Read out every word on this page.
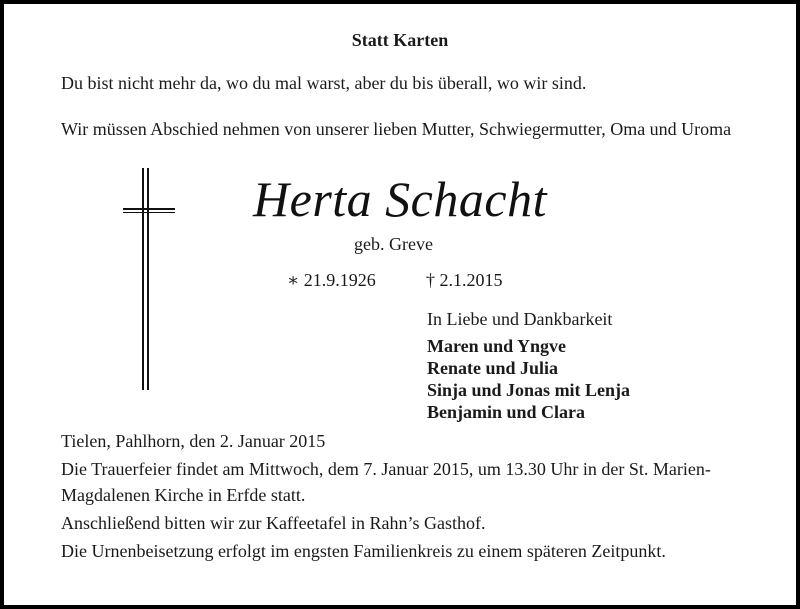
Statt Karten
Du bist nicht mehr da, wo du mal warst, aber du bis überall, wo wir sind.
Wir müssen Abschied nehmen von unserer lieben Mutter, Schwiegermutter, Oma und Uroma
Herta Schacht
geb. Greve
∗ 21.9.1926	† 2.1.2015
In Liebe und Dankbarkeit
Maren und Yngve
Renate und Julia
Sinja und Jonas mit Lenja
Benjamin und Clara
Tielen, Pahlhorn, den 2. Januar 2015
Die Trauerfeier findet am Mittwoch, dem 7. Januar 2015, um 13.30 Uhr in der St. Marien-Magdalenen Kirche in Erfde statt.
Anschließend bitten wir zur Kaffeetafel in Rahn’s Gasthof.
Die Urnenbeisetzung erfolgt im engsten Familienkreis zu einem späteren Zeitpunkt.
